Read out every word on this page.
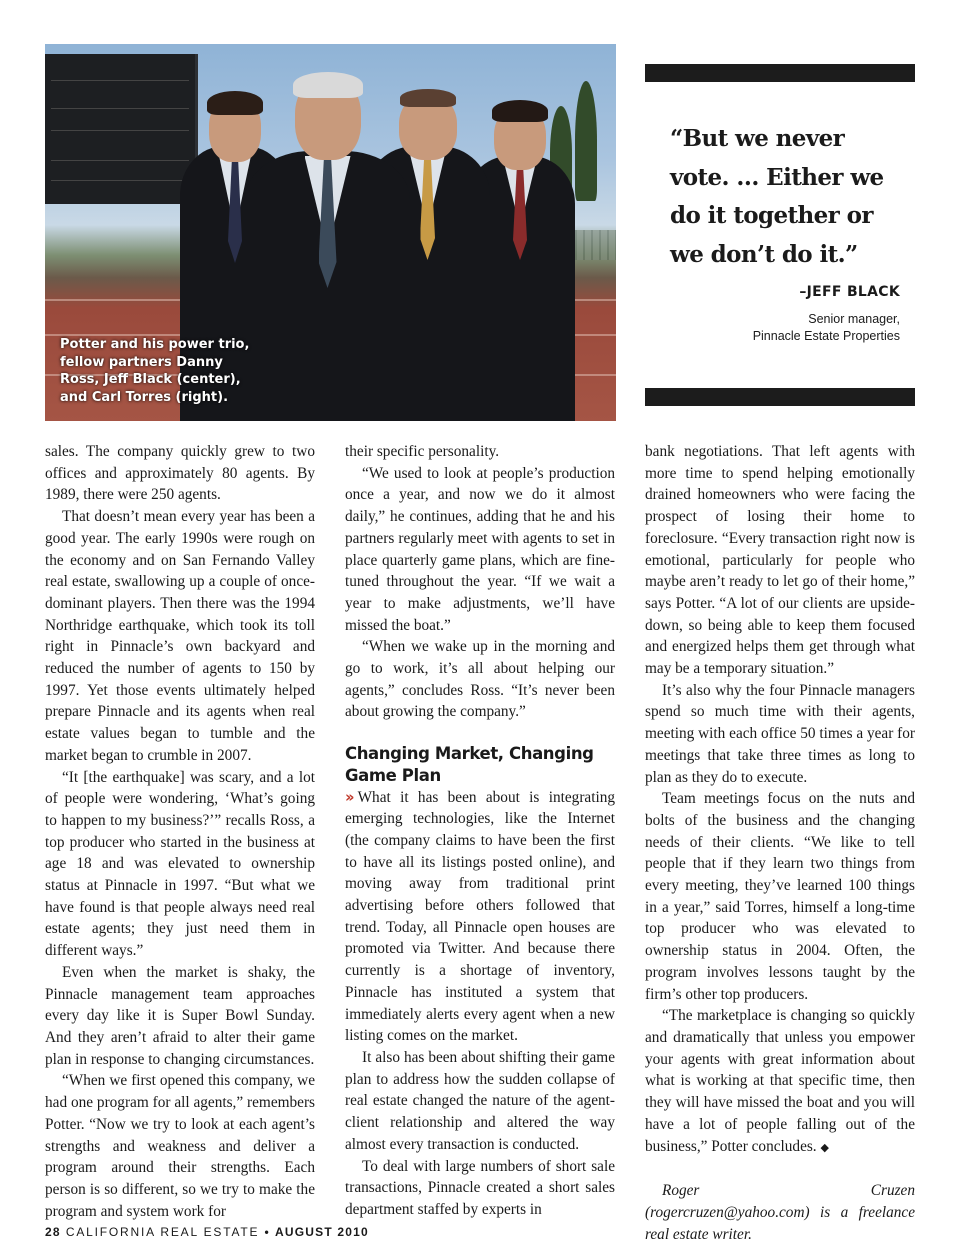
Potter and his power trio, fellow partners Danny Ross, Jeff Black (center), and Carl Torres (right).
“But we never vote. … Either we do it together or we don’t do it.”
–JEFF BLACK
Senior manager,
Pinnacle Estate Properties

sales. The company quickly grew to two offices and approximately 80 agents. By 1989, there were 250 agents.

That doesn’t mean every year has been a good year. The early 1990s were rough on the economy and on San Fernando Valley real estate, swallowing up a couple of once-dominant players. Then there was the 1994 Northridge earthquake, which took its toll right in Pinnacle’s own backyard and reduced the number of agents to 150 by 1997. Yet those events ultimately helped prepare Pinnacle and its agents when real estate values began to tumble and the market began to crumble in 2007.

“It [the earthquake] was scary, and a lot of people were wondering, ‘What’s going to happen to my business?’” recalls Ross, a top producer who started in the business at age 18 and was elevated to ownership status at Pinnacle in 1997. “But what we have found is that people always need real estate agents; they just need them in different ways.”

Even when the market is shaky, the Pinnacle management team approaches every day like it is Super Bowl Sunday. And they aren’t afraid to alter their game plan in response to changing circumstances.

“When we first opened this company, we had one program for all agents,” remembers Potter. “Now we try to look at each agent’s strengths and weakness and deliver a program around their strengths. Each person is so different, so we try to make the program and system work for

their specific personality.

“We used to look at people’s production once a year, and now we do it almost daily,” he continues, adding that he and his partners regularly meet with agents to set in place quarterly game plans, which are fine-tuned throughout the year. “If we wait a year to make adjustments, we’ll have missed the boat.”

“When we wake up in the morning and go to work, it’s all about helping our agents,” concludes Ross. “It’s never been about growing the company.”

Changing Market, Changing Game Plan

›› What it has been about is integrating emerging technologies, like the Internet (the company claims to have been the first to have all its listings posted online), and moving away from traditional print advertising before others followed that trend. Today, all Pinnacle open houses are promoted via Twitter. And because there currently is a shortage of inventory, Pinnacle has instituted a system that immediately alerts every agent when a new listing comes on the market.

It also has been about shifting their game plan to address how the sudden collapse of real estate changed the nature of the agent-client relationship and altered the way almost every transaction is conducted.

To deal with large numbers of short sale transactions, Pinnacle created a short sales department staffed by experts in

bank negotiations. That left agents with more time to spend helping emotionally drained homeowners who were facing the prospect of losing their home to foreclosure. “Every transaction right now is emotional, particularly for people who maybe aren’t ready to let go of their home,” says Potter. “A lot of our clients are upside-down, so being able to keep them focused and energized helps them get through what may be a temporary situation.”

It’s also why the four Pinnacle managers spend so much time with their agents, meeting with each office 50 times a year for meetings that take three times as long to plan as they do to execute.

Team meetings focus on the nuts and bolts of the business and the changing needs of their clients. “We like to tell people that if they learn two things from every meeting, they’ve learned 100 things in a year,” said Torres, himself a long-time top producer who was elevated to ownership status in 2004. Often, the program involves lessons taught by the firm’s other top producers.

“The marketplace is changing so quickly and dramatically that unless you empower your agents with great information about what is working at that specific time, then they will have missed the boat and you will have a lot of people falling out of the business,” Potter concludes. ◆

Roger Cruzen (rogercruzen@yahoo.com) is a freelance real estate writer.

28 CALIFORNIA REAL ESTATE • AUGUST 2010
